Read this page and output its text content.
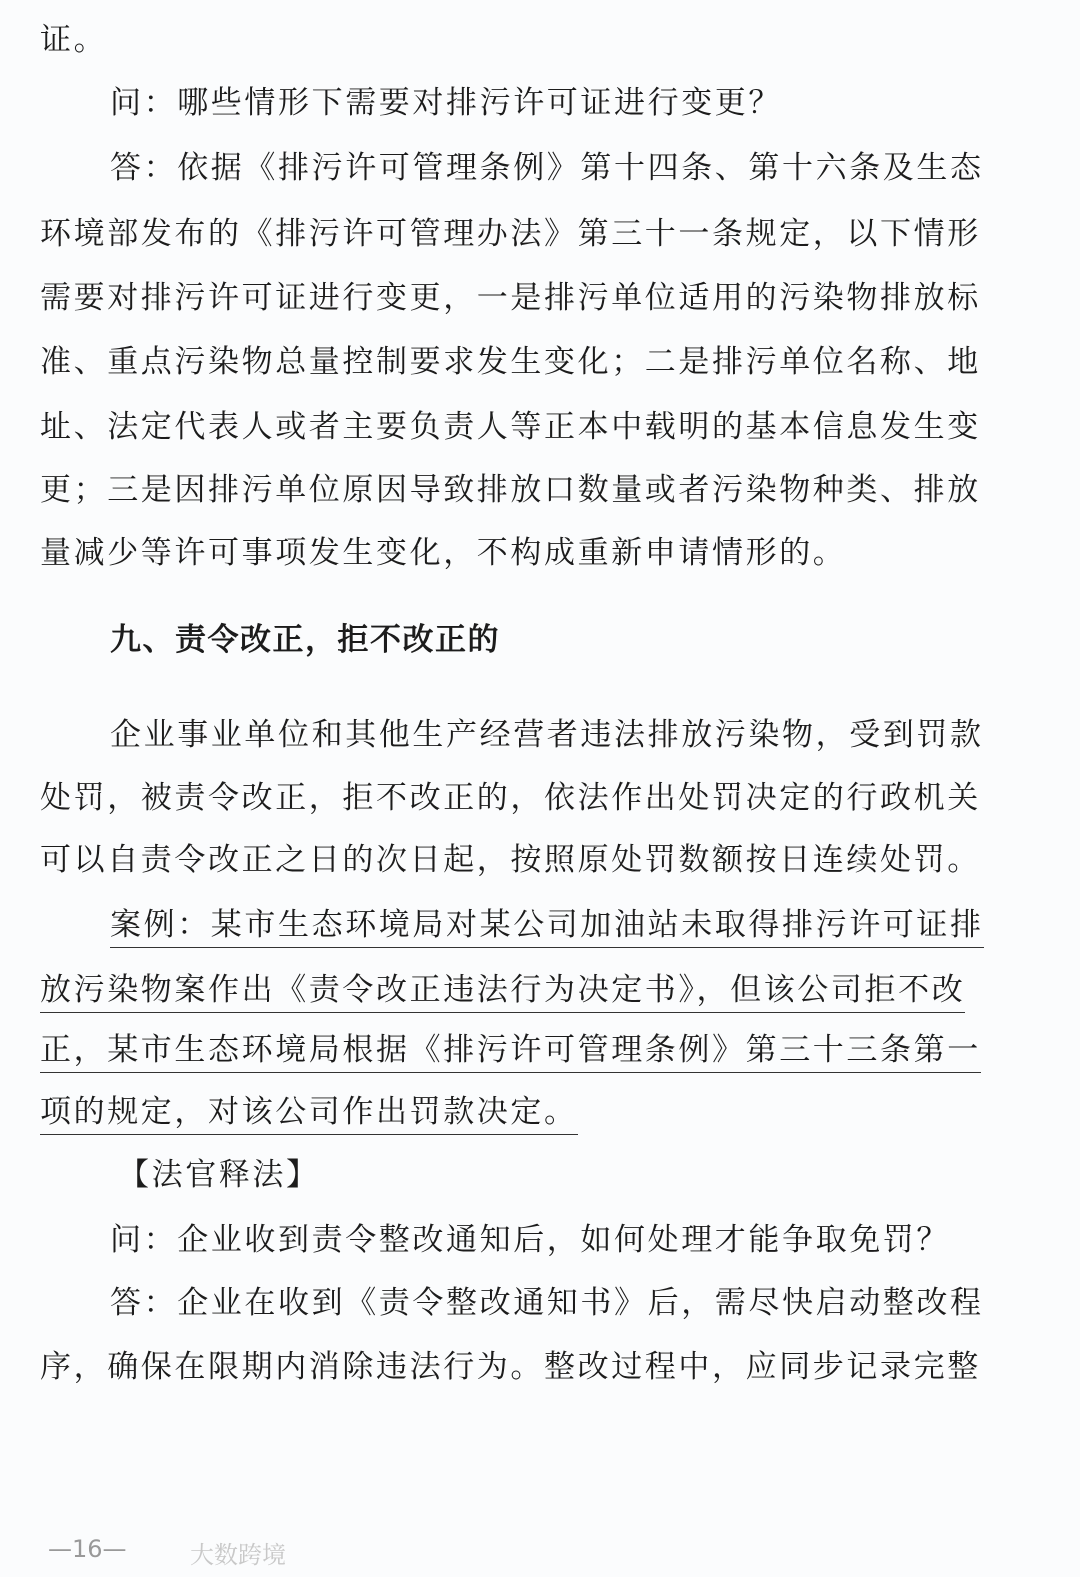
证。
问：哪些情形下需要对排污许可证进行变更？
答：依据《排污许可管理条例》第十四条、第十六条及生态
环境部发布的《排污许可管理办法》第三十一条规定，以下情形
需要对排污许可证进行变更，一是排污单位适用的污染物排放标
准、重点污染物总量控制要求发生变化；二是排污单位名称、地
址、法定代表人或者主要负责人等正本中载明的基本信息发生变
更；三是因排污单位原因导致排放口数量或者污染物种类、排放
量减少等许可事项发生变化，不构成重新申请情形的。
九、责令改正，拒不改正的
企业事业单位和其他生产经营者违法排放污染物，受到罚款
处罚，被责令改正，拒不改正的，依法作出处罚决定的行政机关
可以自责令改正之日的次日起，按照原处罚数额按日连续处罚。
案例：某市生态环境局对某公司加油站未取得排污许可证排
放污染物案作出《责令改正违法行为决定书》，但该公司拒不改
正，某市生态环境局根据《排污许可管理条例》第三十三条第一
项的规定，对该公司作出罚款决定。
【法官释法】
问：企业收到责令整改通知后，如何处理才能争取免罚？
答：企业在收到《责令整改通知书》后，需尽快启动整改程
序，确保在限期内消除违法行为。整改过程中，应同步记录完整
—16—	大数跨境
